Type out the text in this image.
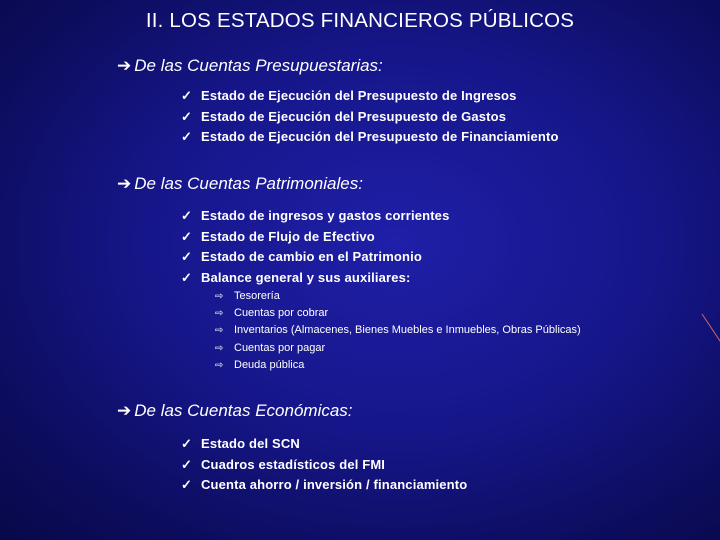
II. LOS ESTADOS FINANCIEROS PÚBLICOS
➔ De las Cuentas Presupuestarias:
✓ Estado de Ejecución del Presupuesto de Ingresos
✓ Estado de Ejecución del Presupuesto de Gastos
✓ Estado de Ejecución del Presupuesto de Financiamiento
➔ De las Cuentas Patrimoniales:
✓ Estado de ingresos y gastos corrientes
✓ Estado de Flujo de Efectivo
✓ Estado de cambio en el Patrimonio
✓ Balance general y sus auxiliares:
⇨ Tesorería
⇨ Cuentas por cobrar
⇨ Inventarios (Almacenes, Bienes Muebles e Inmuebles, Obras Públicas)
⇨ Cuentas por pagar
⇨ Deuda pública
➔ De las Cuentas Económicas:
✓ Estado del SCN
✓ Cuadros estadísticos del FMI
✓ Cuenta ahorro / inversión / financiamiento
